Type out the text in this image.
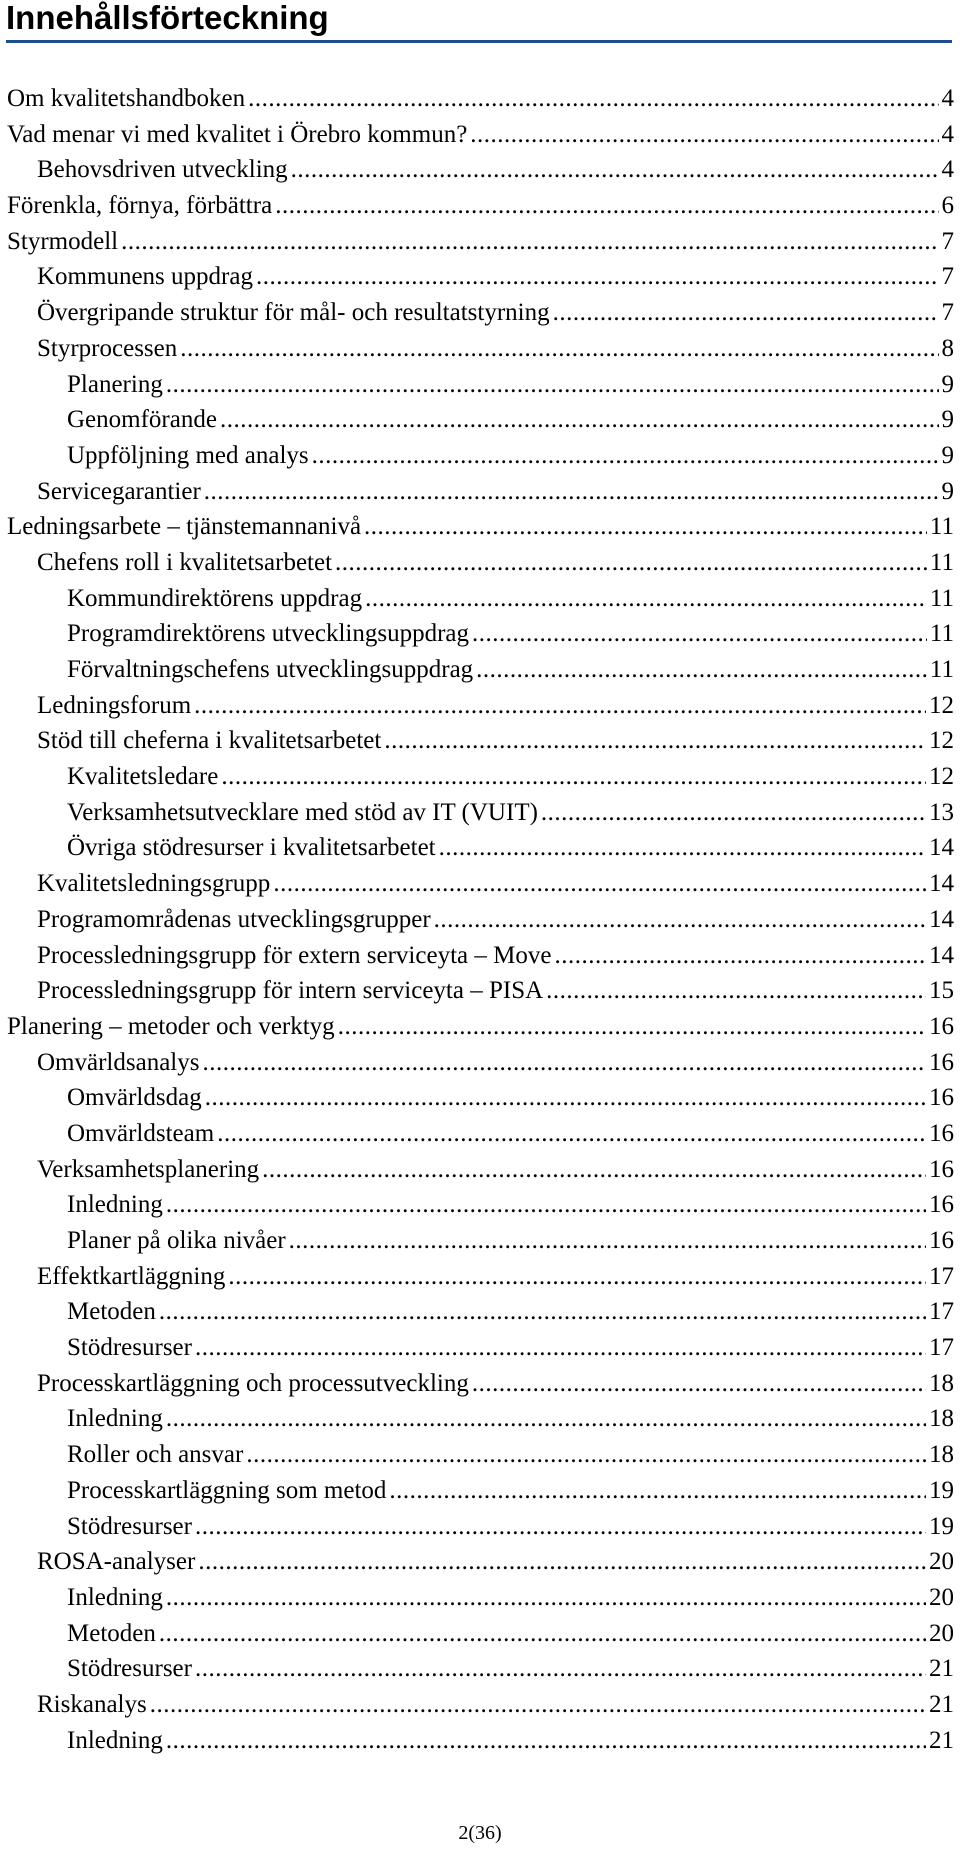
Innehållsförteckning
Om kvalitetshandboken .....	4
Vad menar vi med kvalitet i Örebro kommun? .....	4
Behovsdriven utveckling .....	4
Förenkla, förnya, förbättra .....	6
Styrmodell .....	7
Kommunens uppdrag .....	7
Övergripande struktur för mål- och resultatstyrning .....	7
Styrprocessen .....	8
Planering .....	9
Genomförande .....	9
Uppföljning med analys .....	9
Servicegarantier .....	9
Ledningsarbete – tjänstemannanivå .....	11
Chefens roll i kvalitetsarbetet .....	11
Kommundirektörens uppdrag .....	11
Programdirektörens utvecklingsuppdrag .....	11
Förvaltningschefens utvecklingsuppdrag .....	11
Ledningsforum .....	12
Stöd till cheferna i kvalitetsarbetet .....	12
Kvalitetsledare .....	12
Verksamhetsutvecklare med stöd av IT (VUIT) .....	13
Övriga stödresurser i kvalitetsarbetet .....	14
Kvalitetsledningsgrupp .....	14
Programområdenas utvecklingsgrupper .....	14
Processledningsgrupp för extern serviceyta – Move .....	14
Processledningsgrupp för intern serviceyta – PISA .....	15
Planering – metoder och verktyg .....	16
Omvärldsanalys .....	16
Omvärldsdag .....	16
Omvärldsteam .....	16
Verksamhetsplanering .....	16
Inledning .....	16
Planer på olika nivåer .....	16
Effektkartläggning .....	17
Metoden .....	17
Stödresurser .....	17
Processkartläggning och processutveckling .....	18
Inledning .....	18
Roller och ansvar .....	18
Processkartläggning som metod .....	19
Stödresurser .....	19
ROSA-analyser .....	20
Inledning .....	20
Metoden .....	20
Stödresurser .....	21
Riskanalys .....	21
Inledning .....	21
2(36)
